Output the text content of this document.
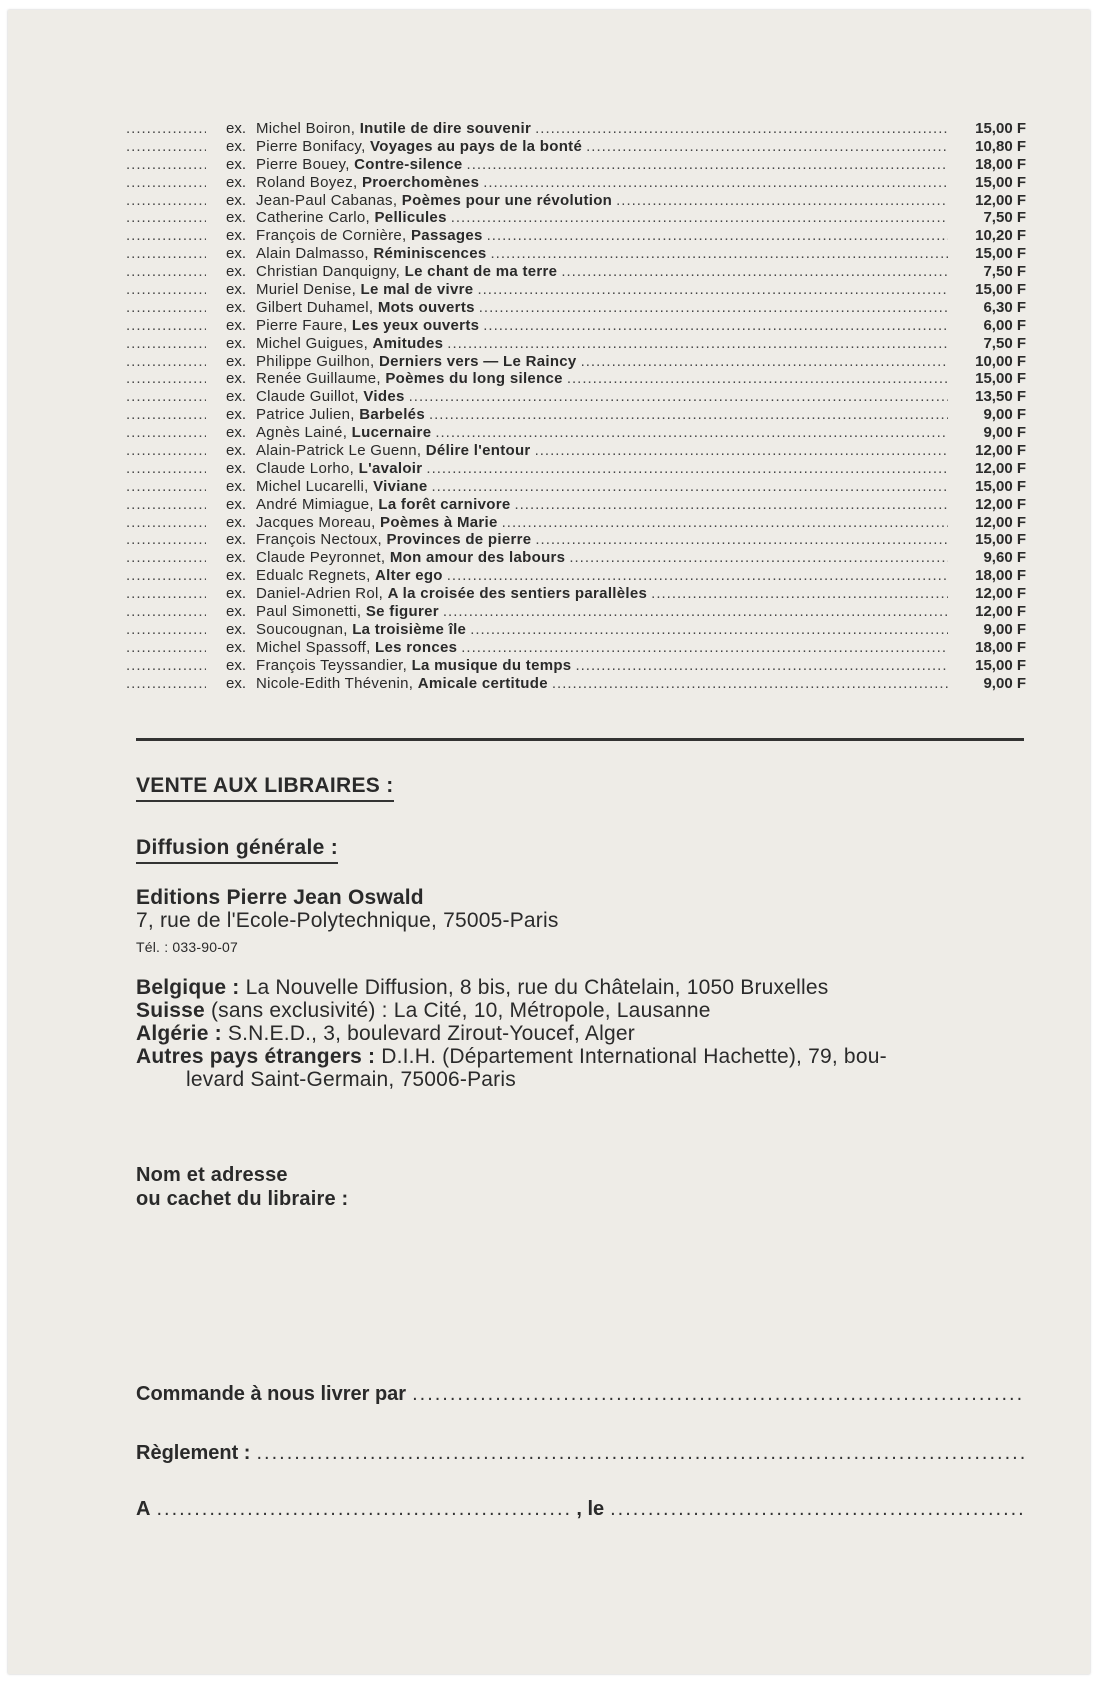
.....
ex. Michel Boiron, Inutile de dire souvenir .....	15,00 F
.....
ex. Pierre Bonifacy, Voyages au pays de la bonté .....	10,80 F
.....
ex. Pierre Bouey, Contre-silence .....	18,00 F
.....
ex. Roland Boyez, Proerchomènes .....	15,00 F
.....
ex. Jean-Paul Cabanas, Poèmes pour une révolution .....	12,00 F
.....
ex. Catherine Carlo, Pellicules .....	7,50 F
.....
ex. François de Cornière, Passages .....	10,20 F
.....
ex. Alain Dalmasso, Réminiscences .....	15,00 F
.....
ex. Christian Danquigny, Le chant de ma terre .....	7,50 F
.....
ex. Muriel Denise, Le mal de vivre .....	15,00 F
.....
ex. Gilbert Duhamel, Mots ouverts .....	6,30 F
.....
ex. Pierre Faure, Les yeux ouverts .....	6,00 F
.....
ex. Michel Guigues, Amitudes .....	7,50 F
.....
ex. Philippe Guilhon, Derniers vers — Le Raincy .....	10,00 F
.....
ex. Renée Guillaume, Poèmes du long silence .....	15,00 F
.....
ex. Claude Guillot, Vides .....	13,50 F
.....
ex. Patrice Julien, Barbelés .....	9,00 F
.....
ex. Agnès Lainé, Lucernaire .....	9,00 F
.....
ex. Alain-Patrick Le Guenn, Délire l'entour .....	12,00 F
.....
ex. Claude Lorho, L'avaloir .....	12,00 F
.....
ex. Michel Lucarelli, Viviane .....	15,00 F
.....
ex. André Mimiague, La forêt carnivore .....	12,00 F
.....
ex. Jacques Moreau, Poèmes à Marie .....	12,00 F
.....
ex. François Nectoux, Provinces de pierre .....	15,00 F
.....
ex. Claude Peyronnet, Mon amour des labours .....	9,60 F
.....
ex. Edualc Regnets, Alter ego .....	18,00 F
.....
ex. Daniel-Adrien Rol, A la croisée des sentiers parallèles .....	12,00 F
.....
ex. Paul Simonetti, Se figurer .....	12,00 F
.....
ex. Soucougnan, La troisième île .....	9,00 F
.....
ex. Michel Spassoff, Les ronces .....	18,00 F
.....
ex. François Teyssandier, La musique du temps .....	15,00 F
.....
ex. Nicole-Edith Thévenin, Amicale certitude .....	9,00 F
VENTE AUX LIBRAIRES :
Diffusion générale :
Editions Pierre Jean Oswald
7, rue de l'Ecole-Polytechnique, 75005-Paris
Tél. : 033-90-07
Belgique : La Nouvelle Diffusion, 8 bis, rue du Châtelain, 1050 Bruxelles
Suisse (sans exclusivité) : La Cité, 10, Métropole, Lausanne
Algérie : S.N.E.D., 3, boulevard Zirout-Youcef, Alger
Autres pays étrangers : D.I.H. (Département International Hachette), 79, bou-
levard Saint-Germain, 75006-Paris
Nom et adresse
ou cachet du libraire :
Commande à nous livrer par
.....
Règlement :
.....
A .....	, le
.....
